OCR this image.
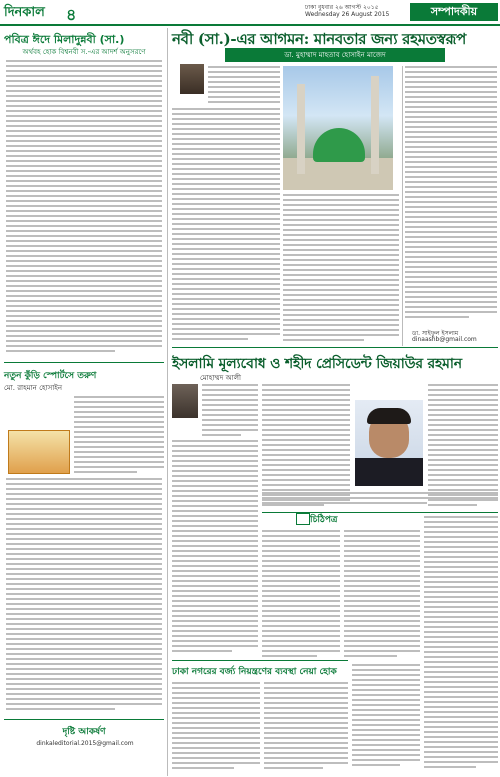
দিনকাল ৪	ঢাকা বুধবার ২৬ আগস্ট ২০১৫
Wednesday 26 August 2015	সম্পাদকীয়
পবিত্র ঈদে মিলাদুন্নবী (সা.)
অর্থবহ হোক বিশ্বনবী স.-এর আদর্শ অনুসরণে
নবী (সা.)-এর আগমন: মানবতার জন্য রহমতস্বরূপ
ডা. মুহাম্মাদ মাহতাব হোসাইন মাজেদ
ডা. সাইফুল ইসলাম
dinaashb@gmail.com
নতুন কুঁড়ি স্পোর্টসে তরুণ
মো. রাহমান হোসাইন
দৃষ্টি আকর্ষণ
dinkaleditorial.2015@gmail.com
ইসলামি মূল্যবোধ ও শহীদ প্রেসিডেন্ট জিয়াউর রহমান
মোহাম্মদ আলী
চিঠিপত্র
ঢাকা নগরের বর্জ্য নিয়ন্ত্রণের ব্যবস্থা নেয়া হোক
